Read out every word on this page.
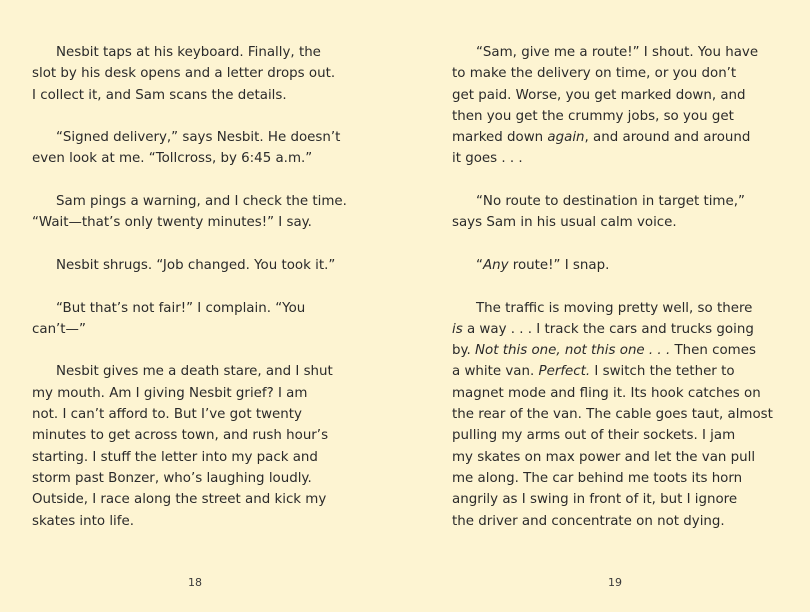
Nesbit taps at his keyboard. Finally, the
slot by his desk opens and a letter drops out.
I collect it, and Sam scans the details.

“Signed delivery,” says Nesbit. He doesn’t
even look at me. “Tollcross, by 6:45 a.m.”

Sam pings a warning, and I check the time.
“Wait—that’s only twenty minutes!” I say.

Nesbit shrugs. “Job changed. You took it.”

“But that’s not fair!” I complain. “You
can’t—”

Nesbit gives me a death stare, and I shut
my mouth. Am I giving Nesbit grief? I am
not. I can’t afford to. But I’ve got twenty
minutes to get across town, and rush hour’s
starting. I stuff the letter into my pack and
storm past Bonzer, who’s laughing loudly.
Outside, I race along the street and kick my
skates into life.

18

“Sam, give me a route!” I shout. You have
to make the delivery on time, or you don’t
get paid. Worse, you get marked down, and
then you get the crummy jobs, so you get
marked down again, and around and around
it goes . . .

“No route to destination in target time,”
says Sam in his usual calm voice.

“Any route!” I snap.

The traffic is moving pretty well, so there
is a way . . . I track the cars and trucks going
by. Not this one, not this one . . . Then comes
a white van. Perfect. I switch the tether to
magnet mode and fling it. Its hook catches on
the rear of the van. The cable goes taut, almost
pulling my arms out of their sockets. I jam
my skates on max power and let the van pull
me along. The car behind me toots its horn
angrily as I swing in front of it, but I ignore
the driver and concentrate on not dying.

19
